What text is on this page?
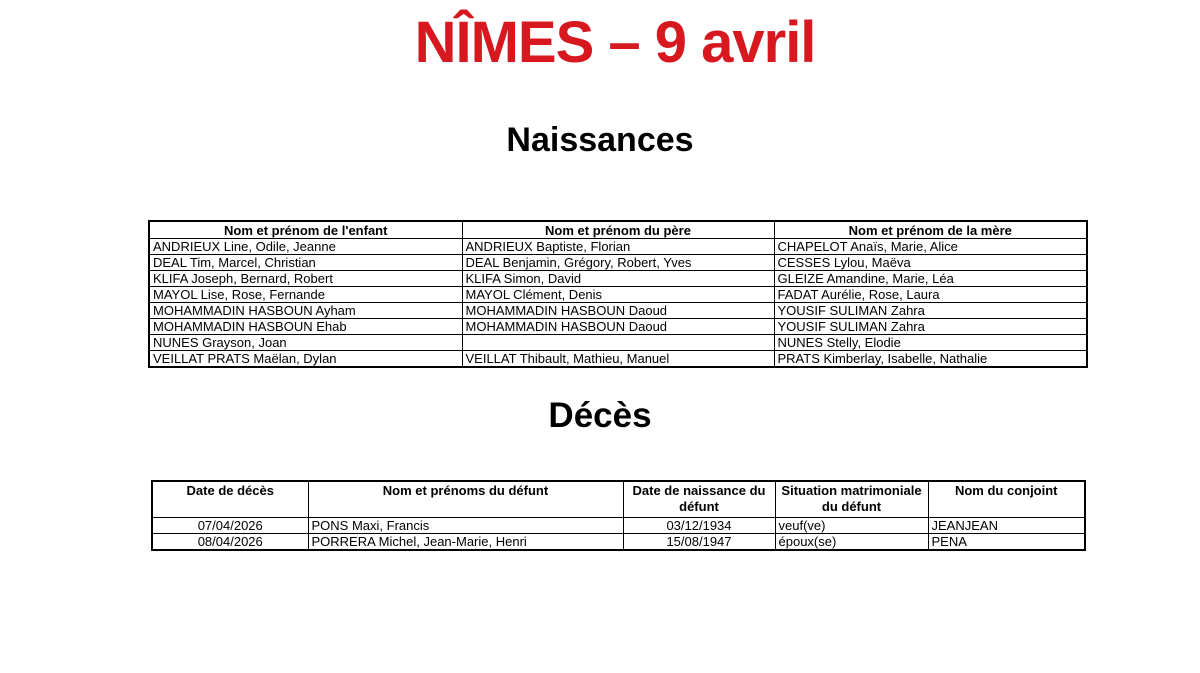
NÎMES – 9 avril
Naissances
Nom et prénom de l'enfant	Nom et prénom du père	Nom et prénom de la mère
ANDRIEUX Line, Odile, Jeanne	ANDRIEUX Baptiste, Florian	CHAPELOT Anaïs, Marie, Alice
DEAL Tim, Marcel, Christian	DEAL Benjamin, Grégory, Robert, Yves	CESSES Lylou, Maëva
KLIFA Joseph, Bernard, Robert	KLIFA Simon, David	GLEIZE Amandine, Marie, Léa
MAYOL Lise, Rose, Fernande	MAYOL Clément, Denis	FADAT Aurélie, Rose, Laura
MOHAMMADIN HASBOUN Ayham	MOHAMMADIN HASBOUN Daoud	YOUSIF SULIMAN Zahra
MOHAMMADIN HASBOUN Ehab	MOHAMMADIN HASBOUN Daoud	YOUSIF SULIMAN Zahra
NUNES Grayson, Joan		NUNES Stelly, Elodie
VEILLAT PRATS Maëlan, Dylan	VEILLAT Thibault, Mathieu, Manuel	PRATS Kimberlay, Isabelle, Nathalie
Décès
Date de décès	Nom et prénoms du défunt	Date de naissance du défunt	Situation matrimoniale du défunt	Nom du conjoint
07/04/2026	PONS Maxi, Francis	03/12/1934	veuf(ve)	JEANJEAN
08/04/2026	PORRERA Michel, Jean-Marie, Henri	15/08/1947	époux(se)	PENA
